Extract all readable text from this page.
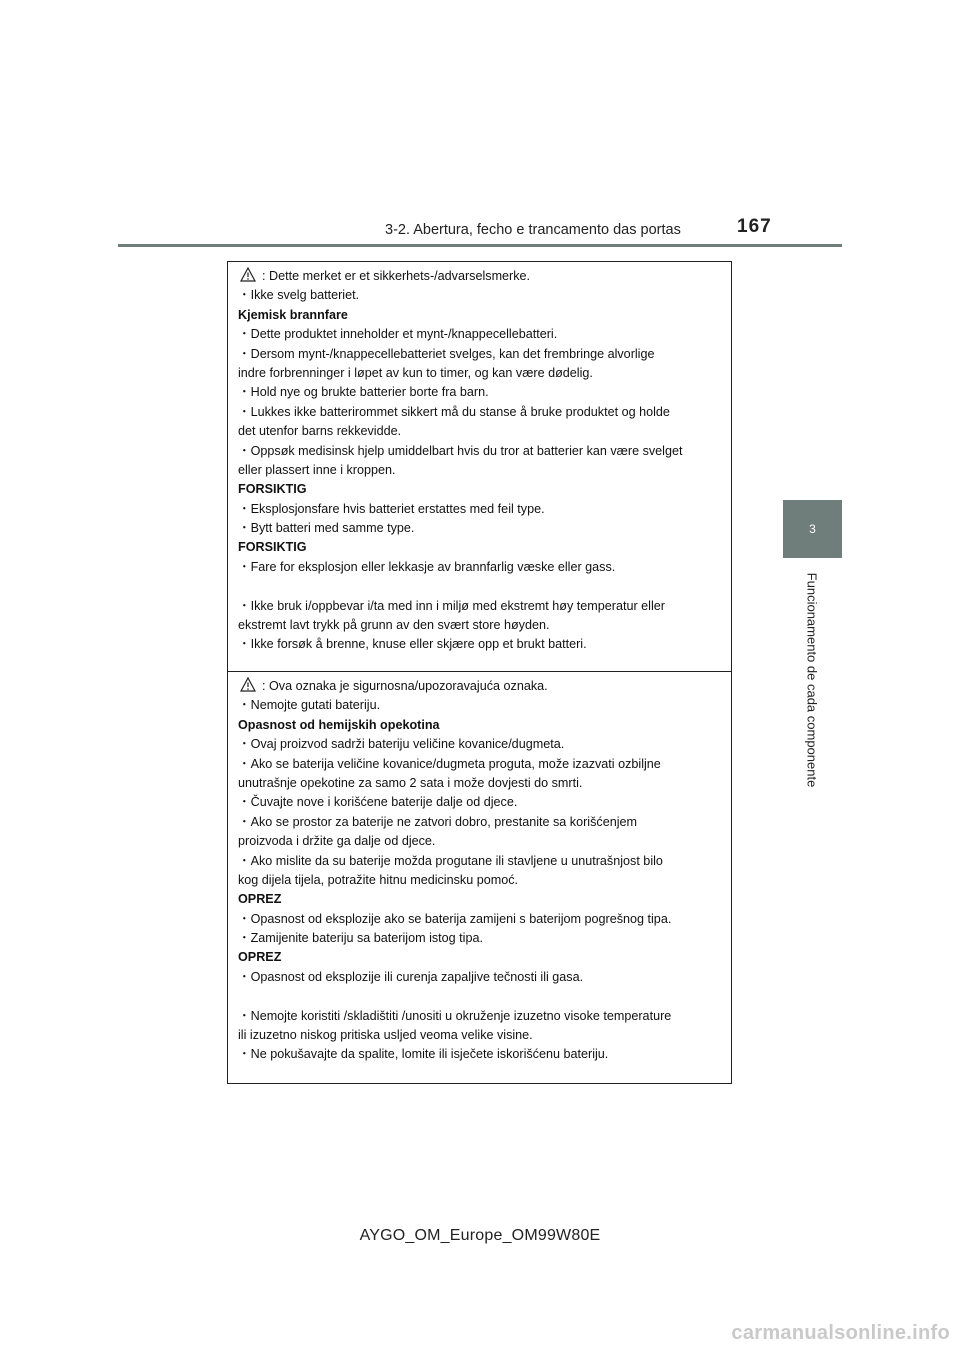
3-2. Abertura, fecho e trancamento das portas	167
3
Funcionamento de cada componente
: Dette merket er et sikkerhets-/advarselsmerke.
・ Ikke svelg batteriet.
Kjemisk brannfare
・ Dette produktet inneholder et mynt-/knappecellebatteri.
・ Dersom mynt-/knappecellebatteriet svelges, kan det frembringe alvorlige
indre forbrenninger i løpet av kun to timer, og kan være dødelig.
・ Hold nye og brukte batterier borte fra barn.
・ Lukkes ikke batterirommet sikkert må du stanse å bruke produktet og holde
det utenfor barns rekkevidde.
・ Oppsøk medisinsk hjelp umiddelbart hvis du tror at batterier kan være svelget
eller plassert inne i kroppen.
FORSIKTIG
・ Eksplosjonsfare hvis batteriet erstattes med feil type.
・ Bytt batteri med samme type.
FORSIKTIG
・ Fare for eksplosjon eller lekkasje av brannfarlig væske eller gass.
・ Ikke bruk i/oppbevar i/ta med inn i miljø med ekstremt høy temperatur eller
ekstremt lavt trykk på grunn av den svært store høyden.
・ Ikke forsøk å brenne, knuse eller skjære opp et brukt batteri.
: Ova oznaka je sigurnosna/upozoravajuća oznaka.
・ Nemojte gutati bateriju.
Opasnost od hemijskih opekotina
・ Ovaj proizvod sadrži bateriju veličine kovanice/dugmeta.
・ Ako se baterija veličine kovanice/dugmeta proguta, može izazvati ozbiljne
unutrašnje opekotine za samo 2 sata i može dovjesti do smrti.
・ Čuvajte nove i korišćene baterije dalje od djece.
・ Ako se prostor za baterije ne zatvori dobro, prestanite sa korišćenjem
proizvoda i držite ga dalje od djece.
・ Ako mislite da su baterije možda progutane ili stavljene u unutrašnjost bilo
kog dijela tijela, potražite hitnu medicinsku pomoć.
OPREZ
・ Opasnost od eksplozije ako se baterija zamijeni s baterijom pogrešnog tipa.
・ Zamijenite bateriju sa baterijom istog tipa.
OPREZ
・ Opasnost od eksplozije ili curenja zapaljive tečnosti ili gasa.
・ Nemojte koristiti /skladištiti /unositi u okruženje izuzetno visoke temperature
ili izuzetno niskog pritiska usljed veoma velike visine.
・ Ne pokušavajte da spalite, lomite ili isječete iskorišćenu bateriju.
AYGO_OM_Europe_OM99W80E
carmanualsonline.info
